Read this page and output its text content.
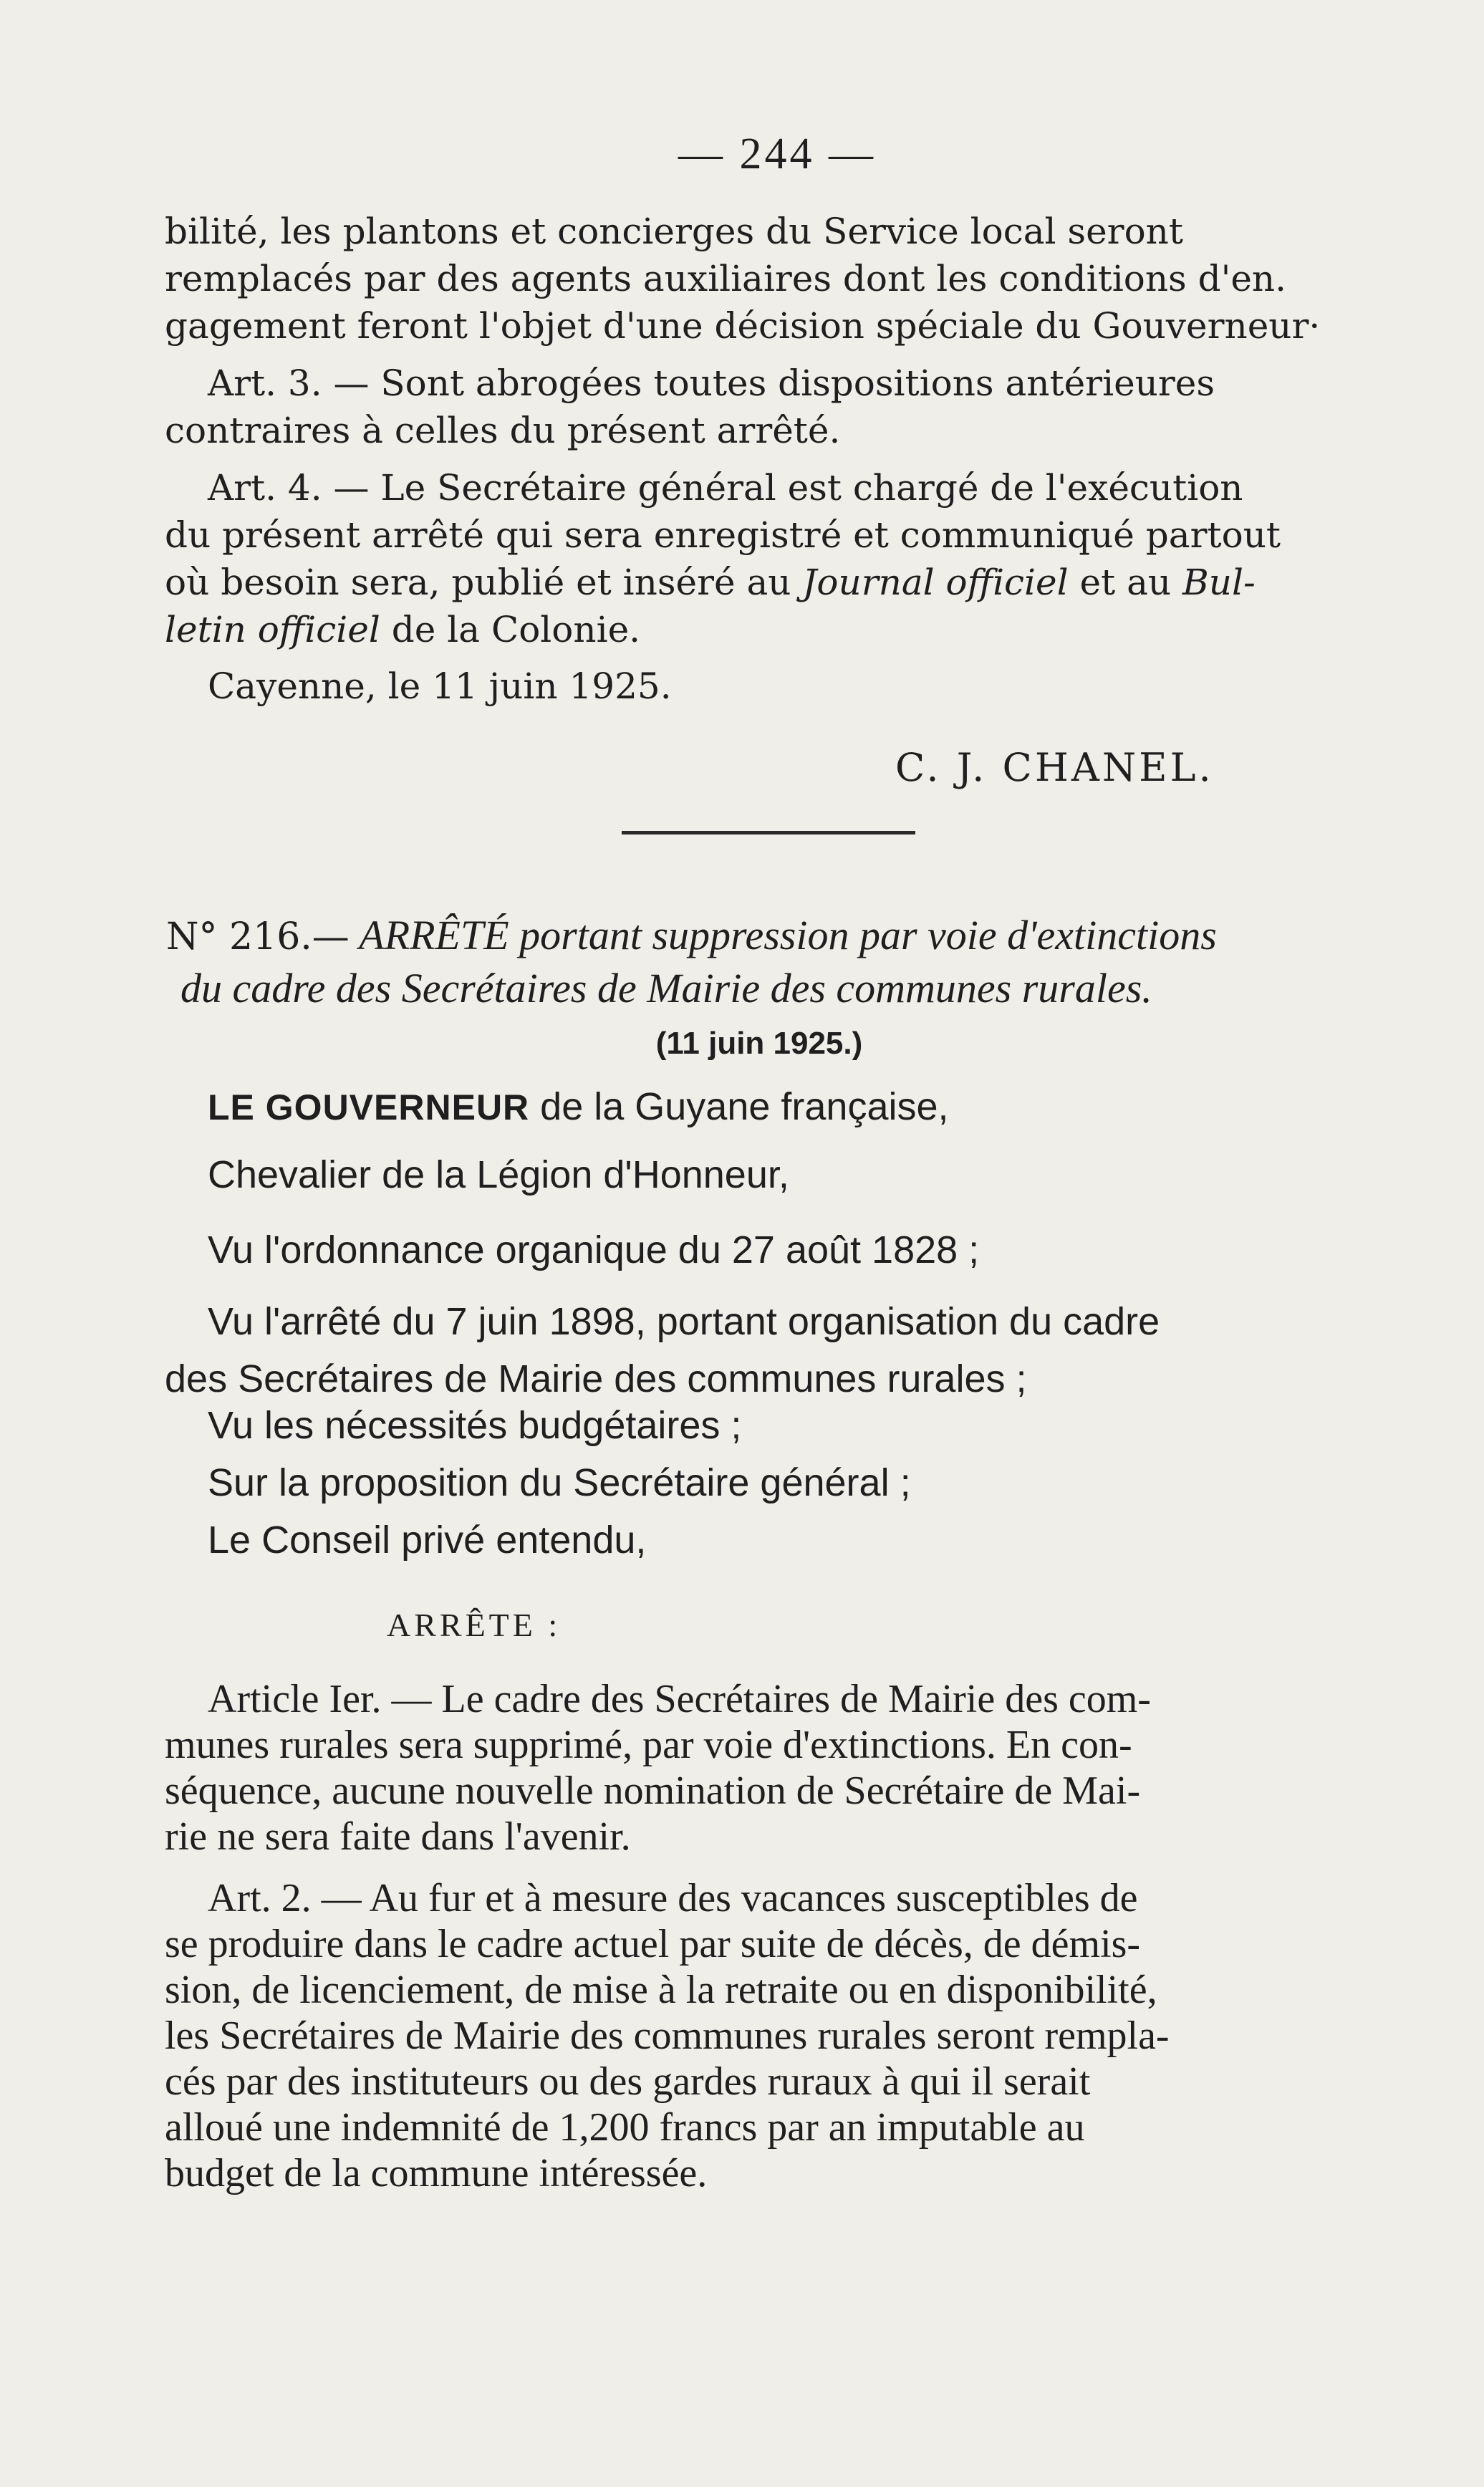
— 244 —

bilité, les plantons et concierges du Service local seront
remplacés par des agents auxiliaires dont les conditions d'en.
gagement feront l'objet d'une décision spéciale du Gouverneur·

Art. 3. — Sont abrogées toutes dispositions antérieures
contraires à celles du présent arrêté.

Art. 4. — Le Secrétaire général est chargé de l'exécution
du présent arrêté qui sera enregistré et communiqué partout
où besoin sera, publié et inséré au Journal officiel et au Bul-
letin officiel de la Colonie.

Cayenne, le 11 juin 1925.

C. J. CHANEL.
N° 216.— ARRÊTÉ portant suppression par voie d'extinctions
du cadre des Secrétaires de Mairie des communes rurales.
(11 juin 1925.)

LE GOUVERNEUR de la Guyane française,

Chevalier de la Légion d'Honneur,

Vu l'ordonnance organique du 27 août 1828 ;

Vu l'arrêté du 7 juin 1898, portant organisation du cadre
des Secrétaires de Mairie des communes rurales ;

Vu les nécessités budgétaires ;

Sur la proposition du Secrétaire général ;

Le Conseil privé entendu,

ARRÊTE :

Article Ier. — Le cadre des Secrétaires de Mairie des com-
munes rurales sera supprimé, par voie d'extinctions. En con-
séquence, aucune nouvelle nomination de Secrétaire de Mai-
rie ne sera faite dans l'avenir.

Art. 2. — Au fur et à mesure des vacances susceptibles de
se produire dans le cadre actuel par suite de décès, de démis-
sion, de licenciement, de mise à la retraite ou en disponibilité,
les Secrétaires de Mairie des communes rurales seront rempla-
cés par des instituteurs ou des gardes ruraux à qui il serait
alloué une indemnité de 1,200 francs par an imputable au
budget de la commune intéressée.
